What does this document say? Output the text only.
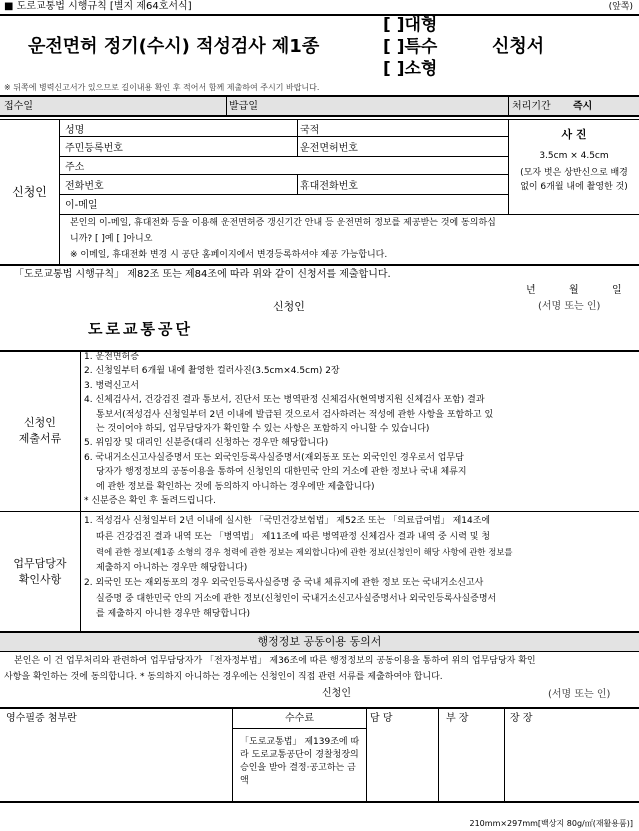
■ 도로교통법 시행규칙 [별지 제64호서식]	(앞쪽)
운전면허 정기(수시) 적성검사 제1종
[ ]대형
[ ]특수
[ ]소형
신청서
※ 뒤쪽에 병력신고서가 있으므로 길이내용 확인 후 적어서 함께 제출하여 주시기 바랍니다.
접수일	발급일	처리기간 즉시
신청인
성명	국적
주민등록번호	운전면허번호
주소
전화번호	휴대전화번호
이-메일
사 진
3.5cm × 4.5cm
(모자 벗은 상반신으로 배경 없이 6개월 내에 촬영한 것)
본인의 이-메일, 휴대전화 등을 이용해 운전면허증 갱신기간 안내 등 운전면허 정보를 제공받는 것에 동의하십
니까? [ ]예 [ ]아니오
※ 이메일, 휴대전화 변경 시 공단 홈페이지에서 변경등록하셔야 제공 가능합니다.
「도로교통법 시행규칙」 제82조 또는 제84조에 따라 위와 같이 신청서를 제출합니다.
년	월	일
신청인	(서명 또는 인)
도로교통공단
신청인
제출서류
1. 운전면허증
2. 신청일부터 6개월 내에 촬영한 컬러사진(3.5cm×4.5cm) 2장
3. 병력신고서
4. 신체검사서, 건강검진 결과 통보서, 진단서 또는 병역판정 신체검사(현역병지원 신체검사 포함) 결과
통보서(적성검사 신청일부터 2년 이내에 발급된 것으로서 검사하려는 적성에 관한 사항을 포함하고 있
는 것이어야 하되, 업무담당자가 확인할 수 있는 사항은 포함하지 아니할 수 있습니다)
5. 위임장 및 대리인 신분증(대리 신청하는 경우만 해당합니다)
6. 국내거소신고사실증명서 또는 외국인등록사실증명서(재외동포 또는 외국인인 경우로서 업무담
당자가 행정정보의 공동이용을 통하여 신청인의 대한민국 안의 거소에 관한 정보나 국내 체류지
에 관한 정보를 확인하는 것에 동의하지 아니하는 경우에만 제출합니다)
* 신분증은 확인 후 돌려드립니다.
업무담당자
확인사항
1. 적성검사 신청일부터 2년 이내에 실시한 「국민건강보험법」 제52조 또는 「의료급여법」 제14조에
따른 건강검진 결과 내역 또는 「병역법」 제11조에 따른 병역판정 신체검사 결과 내역 중 시력 및 청
력에 관한 정보(제1종 소형의 경우 청력에 관한 정보는 제외합니다)에 관한 정보(신청인이 해당 사항에 관한 정보를
제출하지 아니하는 경우만 해당합니다)
2. 외국인 또는 재외동포의 경우 외국인등록사실증명 중 국내 체류지에 관한 정보 또는 국내거소신고사
실증명 중 대한민국 안의 거소에 관한 정보(신청인이 국내거소신고사실증명서나 외국인등록사실증명서
를 제출하지 아니한 경우만 해당합니다)
행정정보 공동이용 동의서
본인은 이 건 업무처리와 관련하여 업무담당자가 「전자정부법」 제36조에 따른 행정정보의 공동이용을 통하여 위의 업무담당자 확인
사항을 확인하는 것에 동의합니다. * 동의하지 아니하는 경우에는 신청인이 직접 관련 서류를 제출하여야 합니다.
신청인	(서명 또는 인)
영수필증 첨부란	수수료
「도로교통법」 제139조에 따라 도로교통공단이 경찰청장의 승인을 받아 결정·공고하는 금액
담 당	부 장	장 장
210mm×297mm[백상지 80g/㎡(재활용품)]
